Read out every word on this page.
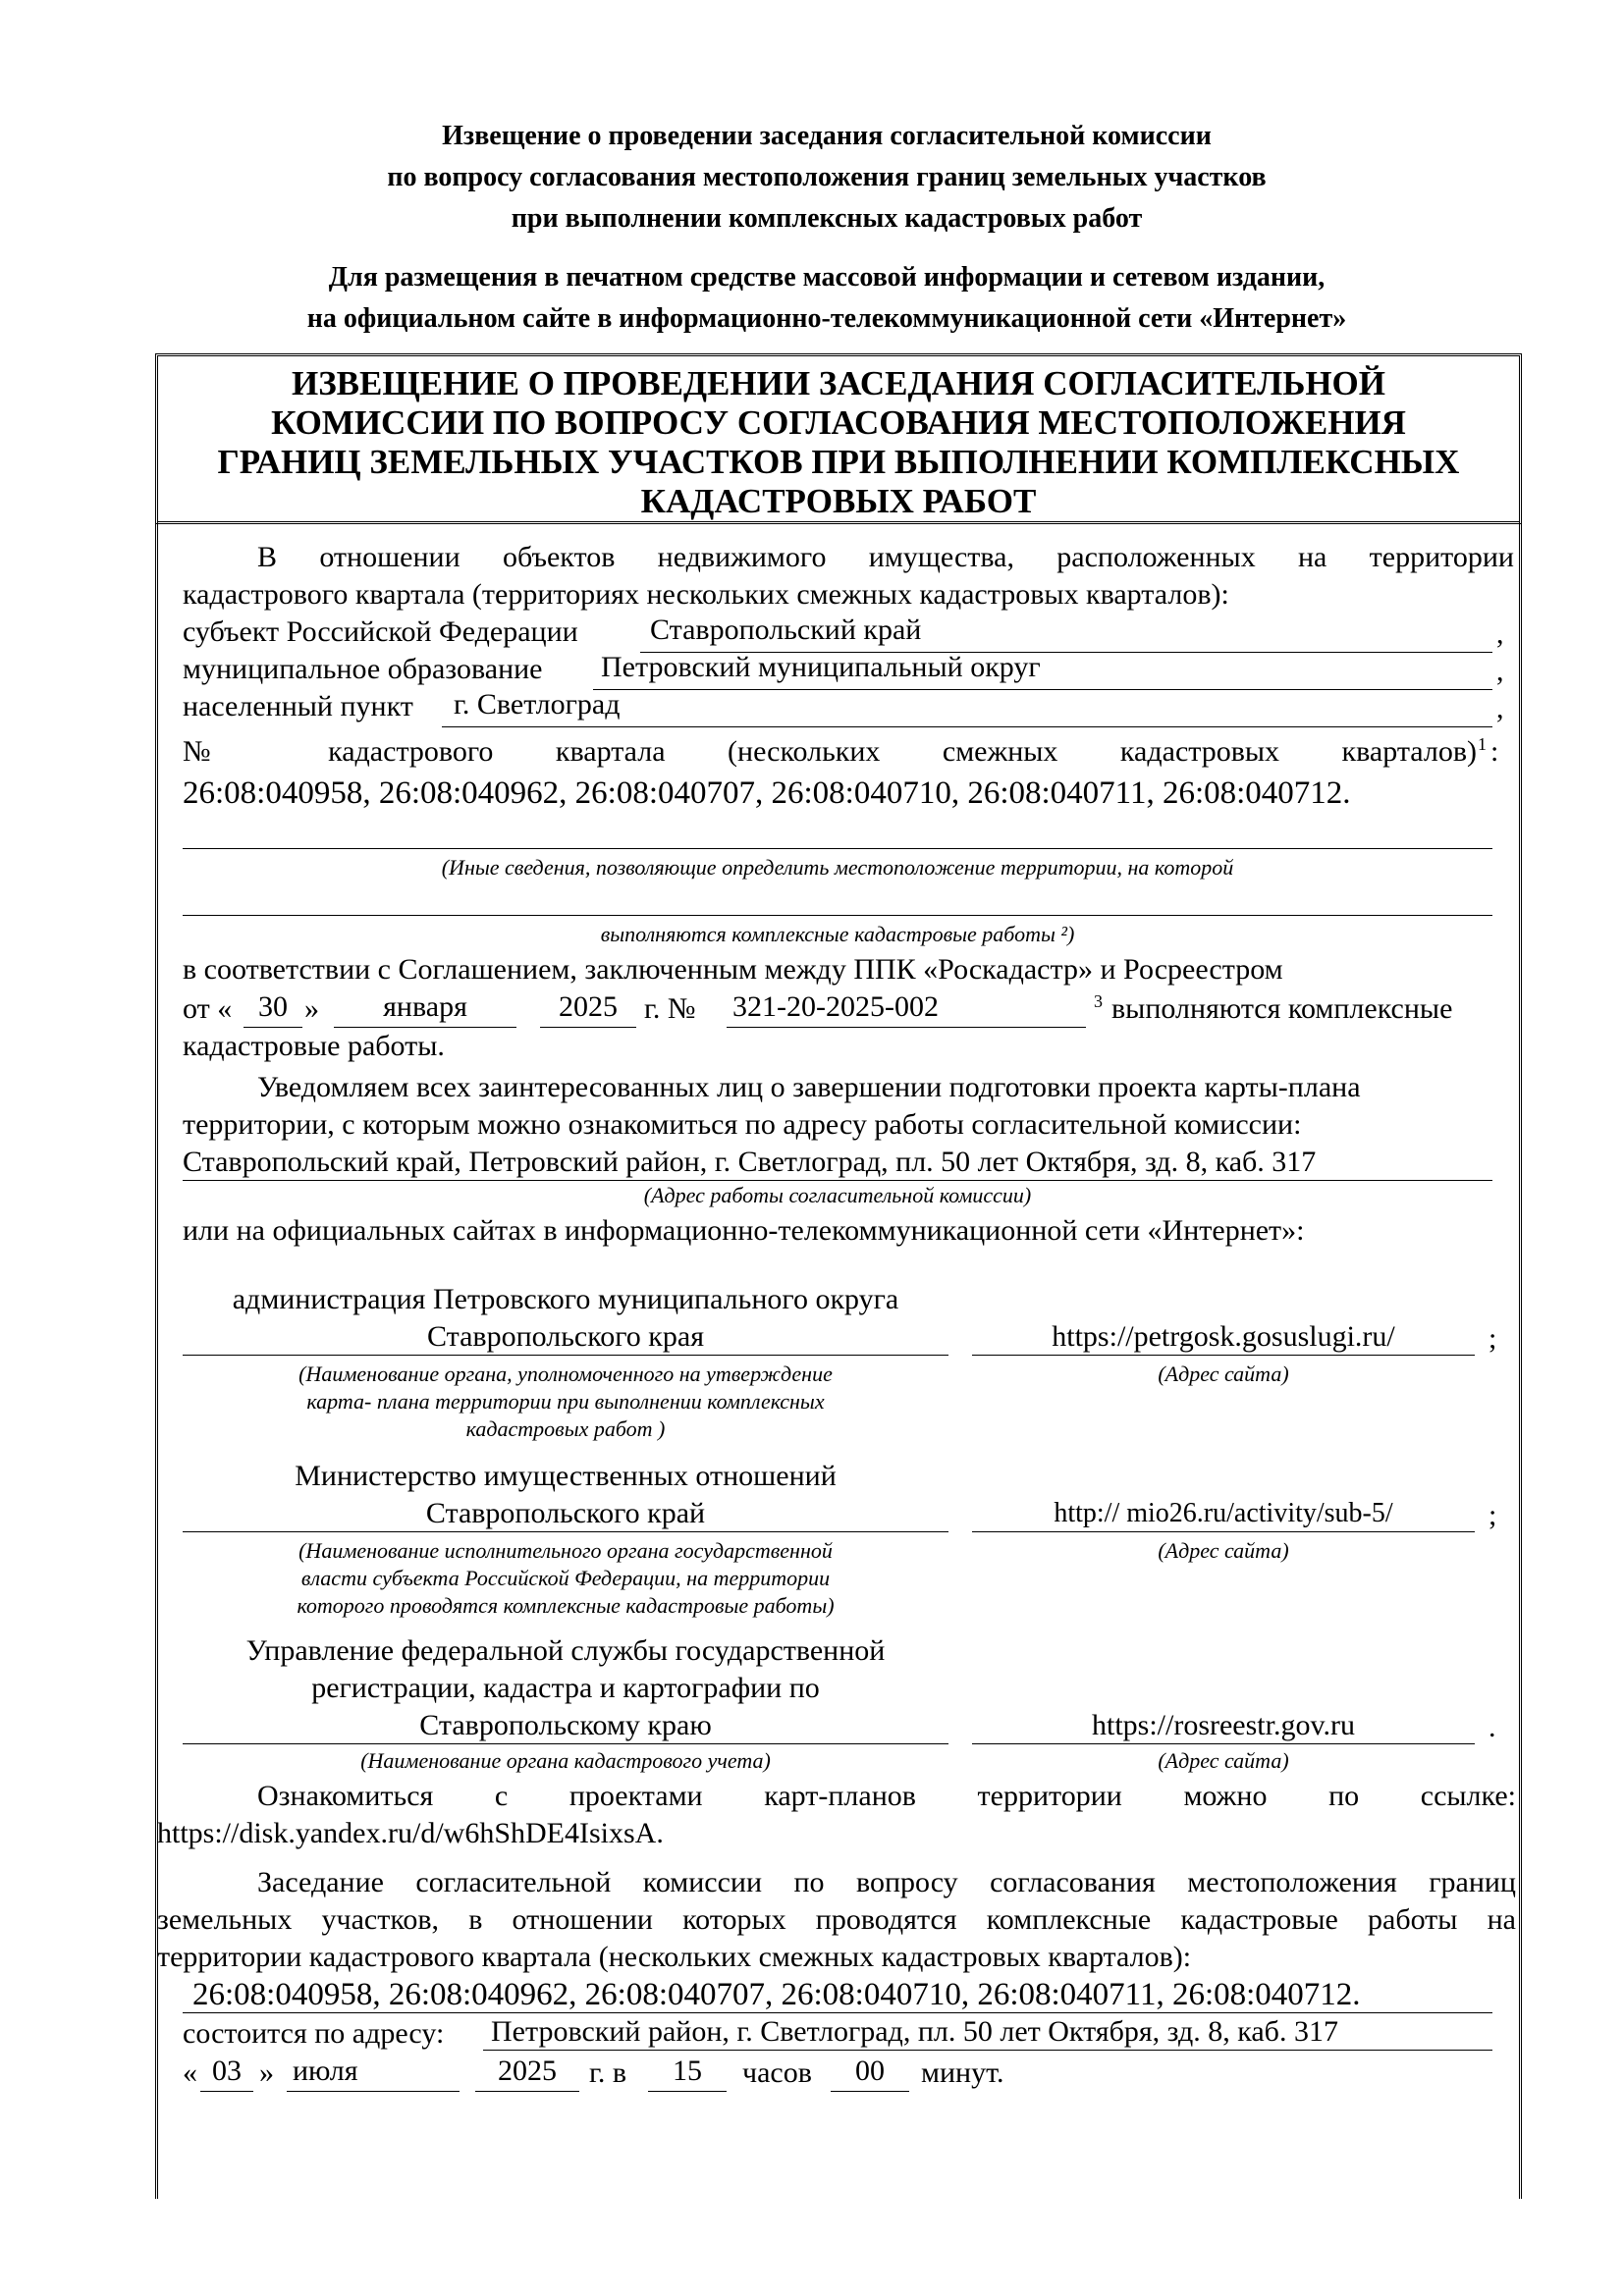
Извещение о проведении заседания согласительной комиссии
по вопросу согласования местоположения границ земельных участков
при выполнении комплексных кадастровых работ
Для размещения в печатном средстве массовой информации и сетевом издании,
на официальном сайте в информационно-телекоммуникационной сети «Интернет»
ИЗВЕЩЕНИЕ О ПРОВЕДЕНИИ ЗАСЕДАНИЯ СОГЛАСИТЕЛЬНОЙ
КОМИССИИ ПО ВОПРОСУ СОГЛАСОВАНИЯ МЕСТОПОЛОЖЕНИЯ
ГРАНИЦ ЗЕМЕЛЬНЫХ УЧАСТКОВ ПРИ ВЫПОЛНЕНИИ КОМПЛЕКСНЫХ
КАДАСТРОВЫХ РАБОТ
В отношении объектов недвижимого имущества, расположенных на территории
кадастрового квартала (территориях нескольких смежных кадастровых кварталов):
субъект Российской Федерации Ставропольский край	,
муниципальное образование Петровский муниципальный округ	,
населенный пункт г. Светлоград	,
№ кадастрового квартала (нескольких смежных кадастровых кварталов) 1 :
26:08:040958, 26:08:040962, 26:08:040707, 26:08:040710, 26:08:040711, 26:08:040712.
(Иные сведения, позволяющие определить местоположение территории, на которой
выполняются комплексные кадастровые работы ²)
в соответствии с Соглашением, заключенным между ППК «Роскадастр» и Росреестром
от « 30 »	января	2025 г. № 321-20-2025-002	3 выполняются комплексные
кадастровые работы.
Уведомляем всех заинтересованных лиц о завершении подготовки проекта карты-плана
территории, с которым можно ознакомиться по адресу работы согласительной комиссии:
Ставропольский край, Петровский район, г. Светлоград, пл. 50 лет Октября, зд. 8, каб. 317
(Адрес работы согласительной комиссии)
или на официальных сайтах в информационно-телекоммуникационной сети «Интернет»:
администрация Петровского муниципального округа
Ставропольского края	https://petrgosk.gosuslugi.ru/	;
(Наименование органа, уполномоченного на утверждение
карта- плана территории при выполнении комплексных
кадастровых работ )
(Адрес сайта)
Министерство имущественных отношений
Ставропольского край	http:// mio26.ru/activity/sub-5/	;
(Наименование исполнительного органа государственной
власти субъекта Российской Федерации, на территории
которого проводятся комплексные кадастровые работы)
(Адрес сайта)
Управление федеральной службы государственной
регистрации, кадастра и картографии по
Ставропольскому краю	https://rosreestr.gov.ru	.
(Наименование органа кадастрового учета)	(Адрес сайта)
Ознакомиться с проектами карт-планов территории можно по ссылке:
https://disk.yandex.ru/d/w6hShDE4IsixsA.
Заседание согласительной комиссии по вопросу согласования местоположения границ
земельных участков, в отношении которых проводятся комплексные кадастровые работы на
территории кадастрового квартала (нескольких смежных кадастровых кварталов):
26:08:040958, 26:08:040962, 26:08:040707, 26:08:040710, 26:08:040711, 26:08:040712.
состоится по адресу: Петровский район, г. Светлоград, пл. 50 лет Октября, зд. 8, каб. 317
« 03 » июля	2025	г. в	15	часов	00	минут.
